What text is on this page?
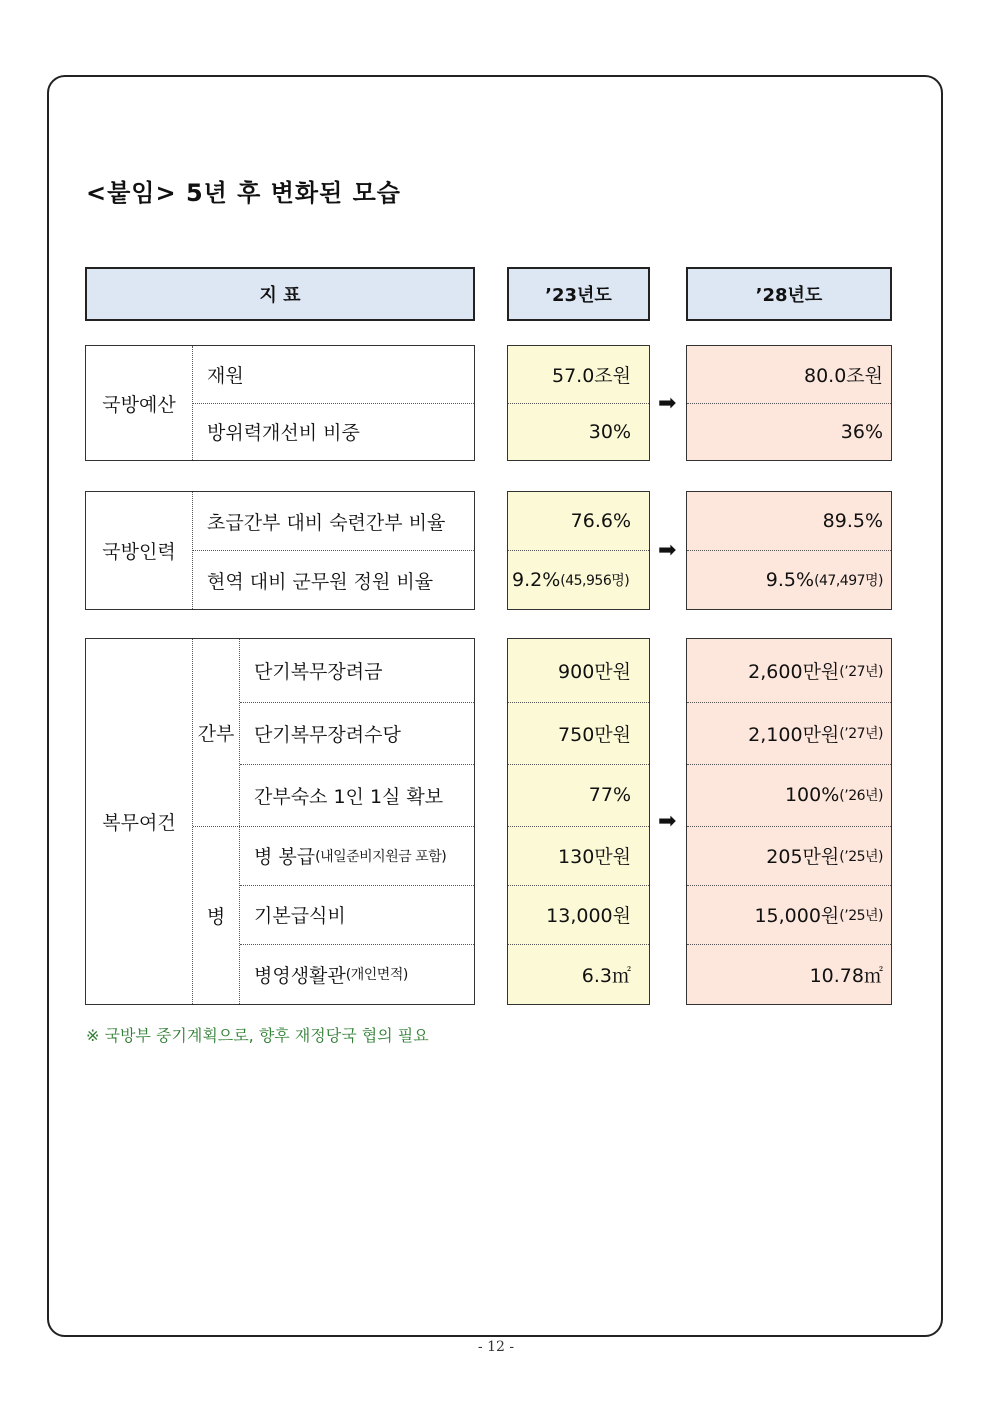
<붙임> 5년 후 변화된 모습
지 표	’23년도	’28년도
국방예산
재원
방위력개선비 비중
57.0조원
30%
➡
80.0조원
36%
국방인력
초급간부 대비 숙련간부 비율
현역 대비 군무원 정원 비율
76.6%
9.2% (45,956명)
➡
89.5%
9.5% (47,497명)
복무여건
간부
병
단기복무장려금
단기복무장려수당
간부숙소 1인 1실 확보
병 봉급 (내일준비지원금 포함)
기본급식비
병영생활관 (개인면적)
900만원
750만원
77%
130만원
13,000원
6.3㎡
➡
2,600만원 (’27년)
2,100만원 (’27년)
100% (’26년)
205만원 (’25년)
15,000원 (’25년)
10.78㎡
※ 국방부 중기계획으로, 향후 재정당국 협의 필요
- 12 -
